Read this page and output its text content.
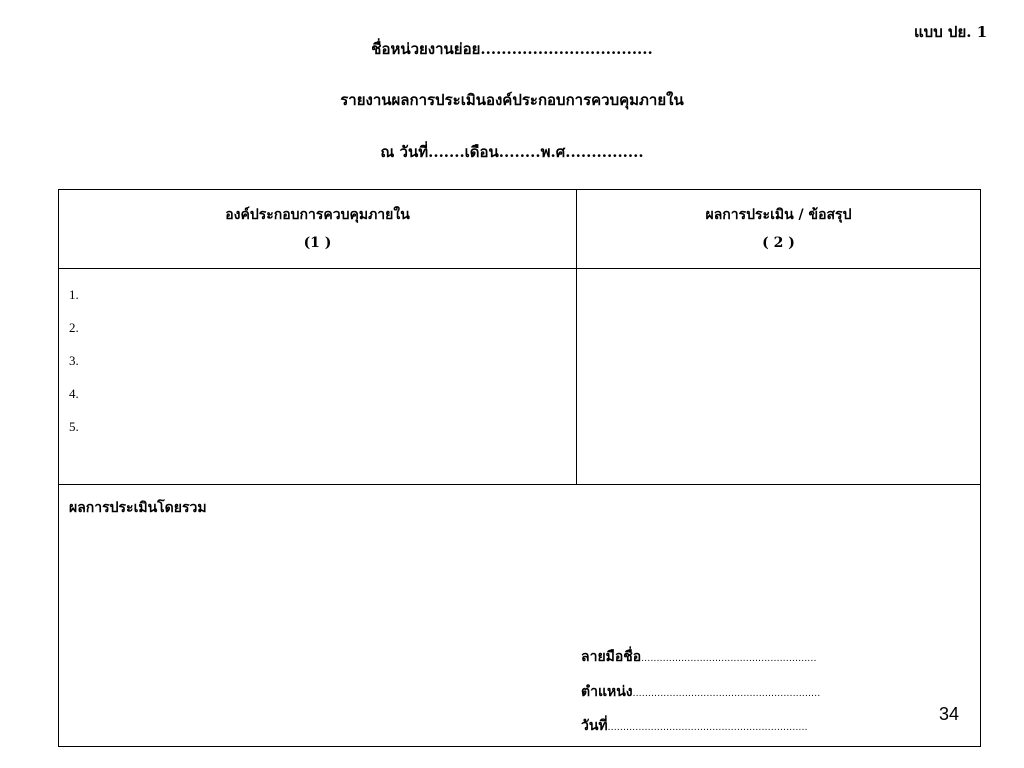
แบบ ปย. 1
ชื่อหน่วยงานย่อย.................................
รายงานผลการประเมินองค์ประกอบการควบคุมภายใน
ณ วันที่.......เดือน........พ.ศ...............
องค์ประกอบการควบคุมภายใน
(1 )
ผลการประเมิน / ข้อสรุป
( 2 )
1.
2.
3.
4.
5.
ผลการประเมินโดยรวม
ลายมือชื่อ.........................................................
ตำแหน่ง.............................................................
วันที่.................................................................
34
